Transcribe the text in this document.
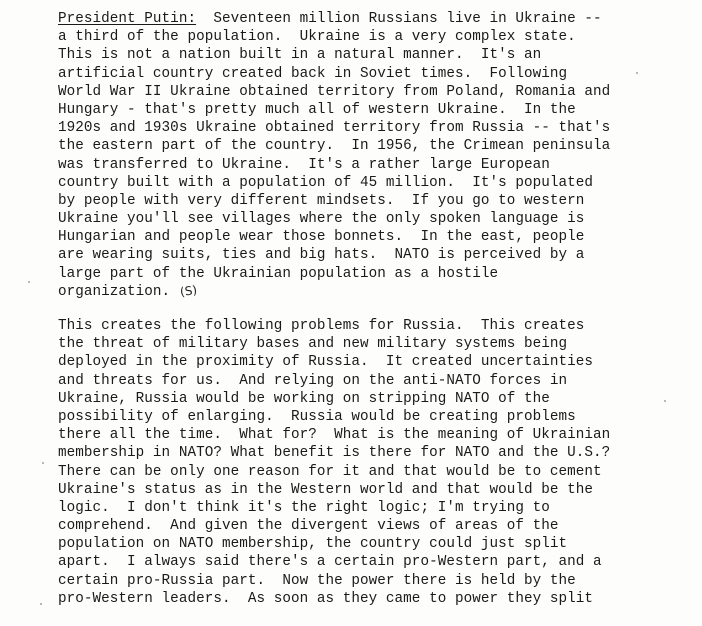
President Putin:  Seventeen million Russians live in Ukraine --
a third of the population.  Ukraine is a very complex state.
This is not a nation built in a natural manner.  It's an
artificial country created back in Soviet times.  Following
World War II Ukraine obtained territory from Poland, Romania and
Hungary - that's pretty much all of western Ukraine.  In the
1920s and 1930s Ukraine obtained territory from Russia -- that's
the eastern part of the country.  In 1956, the Crimean peninsula
was transferred to Ukraine.  It's a rather large European
country built with a population of 45 million.  It's populated
by people with very different mindsets.  If you go to western
Ukraine you'll see villages where the only spoken language is
Hungarian and people wear those bonnets.  In the east, people
are wearing suits, ties and big hats.  NATO is perceived by a
large part of the Ukrainian population as a hostile
organization. (S)
This creates the following problems for Russia.  This creates
the threat of military bases and new military systems being
deployed in the proximity of Russia.  It created uncertainties
and threats for us.  And relying on the anti-NATO forces in
Ukraine, Russia would be working on stripping NATO of the
possibility of enlarging.  Russia would be creating problems
there all the time.  What for?  What is the meaning of Ukrainian
membership in NATO? What benefit is there for NATO and the U.S.?
There can be only one reason for it and that would be to cement
Ukraine's status as in the Western world and that would be the
logic.  I don't think it's the right logic; I'm trying to
comprehend.  And given the divergent views of areas of the
population on NATO membership, the country could just split
apart.  I always said there's a certain pro-Western part, and a
certain pro-Russia part.  Now the power there is held by the
pro-Western leaders.  As soon as they came to power they split
